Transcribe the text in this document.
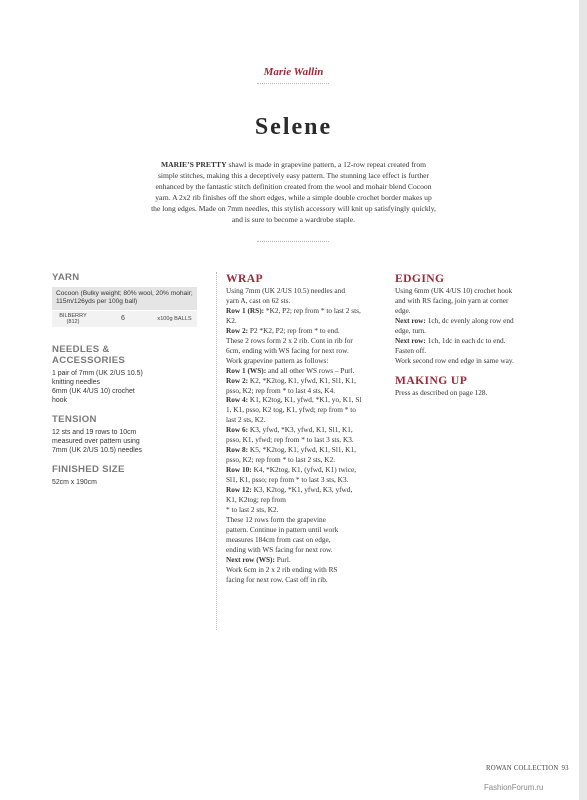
Marie Wallin
Selene
MARIE’S PRETTY shawl is made in grapevine pattern, a 12-row repeat created from simple stitches, making this a deceptively easy pattern. The stunning lace effect is further enhanced by the fantastic stitch definition created from the wool and mohair blend Cocoon yarn. A 2x2 rib finishes off the short edges, while a simple double crochet border makes up the long edges. Made on 7mm needles, this stylish accessory will knit up satisfyingly quickly, and is sure to become a wardrobe staple.
YARN
Cocoon (Bulky weight; 80% wool, 20% mohair; 115m/126yds per 100g ball)
BILBERRY
(812)	6	x100g BALLS
NEEDLES &
ACCESSORIES
1 pair of 7mm (UK 2/US 10.5)
knitting needles
6mm (UK 4/US 10) crochet
hook
TENSION
12 sts and 19 rows to 10cm
measured over pattern using
7mm (UK 2/US 10.5) needles
FINISHED SIZE
52cm x 190cm
WRAP
Using 7mm (UK 2/US 10.5) needles and
yarn A, cast on 62 sts.
Row 1 (RS): *K2, P2; rep from * to last 2 sts,
K2.
Row 2: P2 *K2, P2; rep from * to end.
These 2 rows form 2 x 2 rib. Cont in rib for
6cm, ending with WS facing for next row.
Work grapevine pattern as follows:
Row 1 (WS): and all other WS rows – Purl.
Row 2: K2, *K2tog, K1, yfwd, K1, Sl1, K1,
psso, K2; rep from * to last 4 sts, K4.
Row 4: K1, K2tog, K1, yfwd, *K1, yo, K1, Sl
1, K1, psso, K2 tog, K1, yfwd; rep from * to
last 2 sts, K2.
Row 6: K3, yfwd, *K3, yfwd, K1, Sl1, K1,
psso, K1, yfwd; rep from * to last 3 sts, K3.
Row 8: K5, *K2tog, K1, yfwd, K1, Sl1, K1,
psso, K2; rep from * to last 2 sts, K2.
Row 10: K4, *K2tog, K1, (yfwd, K1) twice,
Sl1, K1, psso; rep from * to last 3 sts, K3.
Row 12: K3, K2tog, *K1, yfwd, K3, yfwd,
K1, K2tog; rep from
* to last 2 sts, K2.
These 12 rows form the grapevine
pattern. Continue in pattern until work
measures 184cm from cast on edge,
ending with WS facing for next row.
Next row (WS): Purl.
Work 6cm in 2 x 2 rib ending with RS
facing for next row. Cast off in rib.
EDGING
Using 6mm (UK 4/US 10) crochet hook
and with RS facing, join yarn at corner
edge.
Next row: 1ch, dc evenly along row end
edge, turn.
Next row: 1ch, 1dc in each dc to end.
Fasten off.
Work second row end edge in same way.
MAKING UP
Press as described on page 128.
ROWAN COLLECTION 93
FashionForum.ru
